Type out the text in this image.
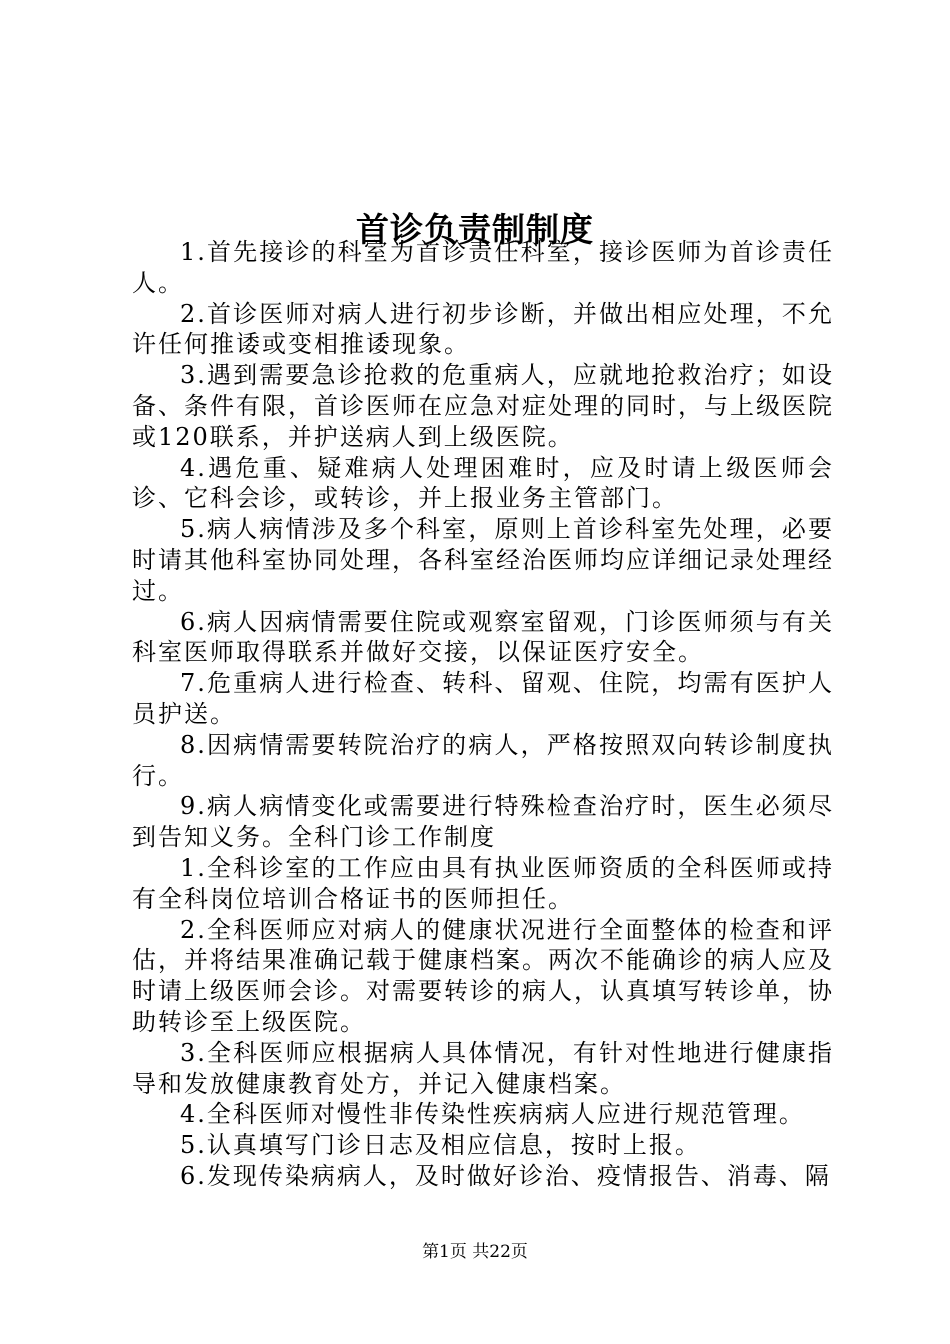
首诊负责制制度

1.首先接诊的科室为首诊责任科室，接诊医师为首诊责任人。

2.首诊医师对病人进行初步诊断，并做出相应处理，不允许任何推诿或变相推诿现象。

3.遇到需要急诊抢救的危重病人，应就地抢救治疗；如设备、条件有限，首诊医师在应急对症处理的同时，与上级医院或120联系，并护送病人到上级医院。

4.遇危重、疑难病人处理困难时，应及时请上级医师会诊、它科会诊，或转诊，并上报业务主管部门。

5.病人病情涉及多个科室，原则上首诊科室先处理，必要时请其他科室协同处理，各科室经治医师均应详细记录处理经过。

6.病人因病情需要住院或观察室留观，门诊医师须与有关科室医师取得联系并做好交接，以保证医疗安全。

7.危重病人进行检查、转科、留观、住院，均需有医护人员护送。

8.因病情需要转院治疗的病人，严格按照双向转诊制度执行。

9.病人病情变化或需要进行特殊检查治疗时，医生必须尽到告知义务。全科门诊工作制度

1.全科诊室的工作应由具有执业医师资质的全科医师或持有全科岗位培训合格证书的医师担任。

2.全科医师应对病人的健康状况进行全面整体的检查和评估，并将结果准确记载于健康档案。两次不能确诊的病人应及时请上级医师会诊。对需要转诊的病人，认真填写转诊单，协助转诊至上级医院。

3.全科医师应根据病人具体情况，有针对性地进行健康指导和发放健康教育处方，并记入健康档案。

4.全科医师对慢性非传染性疾病病人应进行规范管理。

5.认真填写门诊日志及相应信息，按时上报。

6.发现传染病病人，及时做好诊治、疫情报告、消毒、隔

第1页 共22页
